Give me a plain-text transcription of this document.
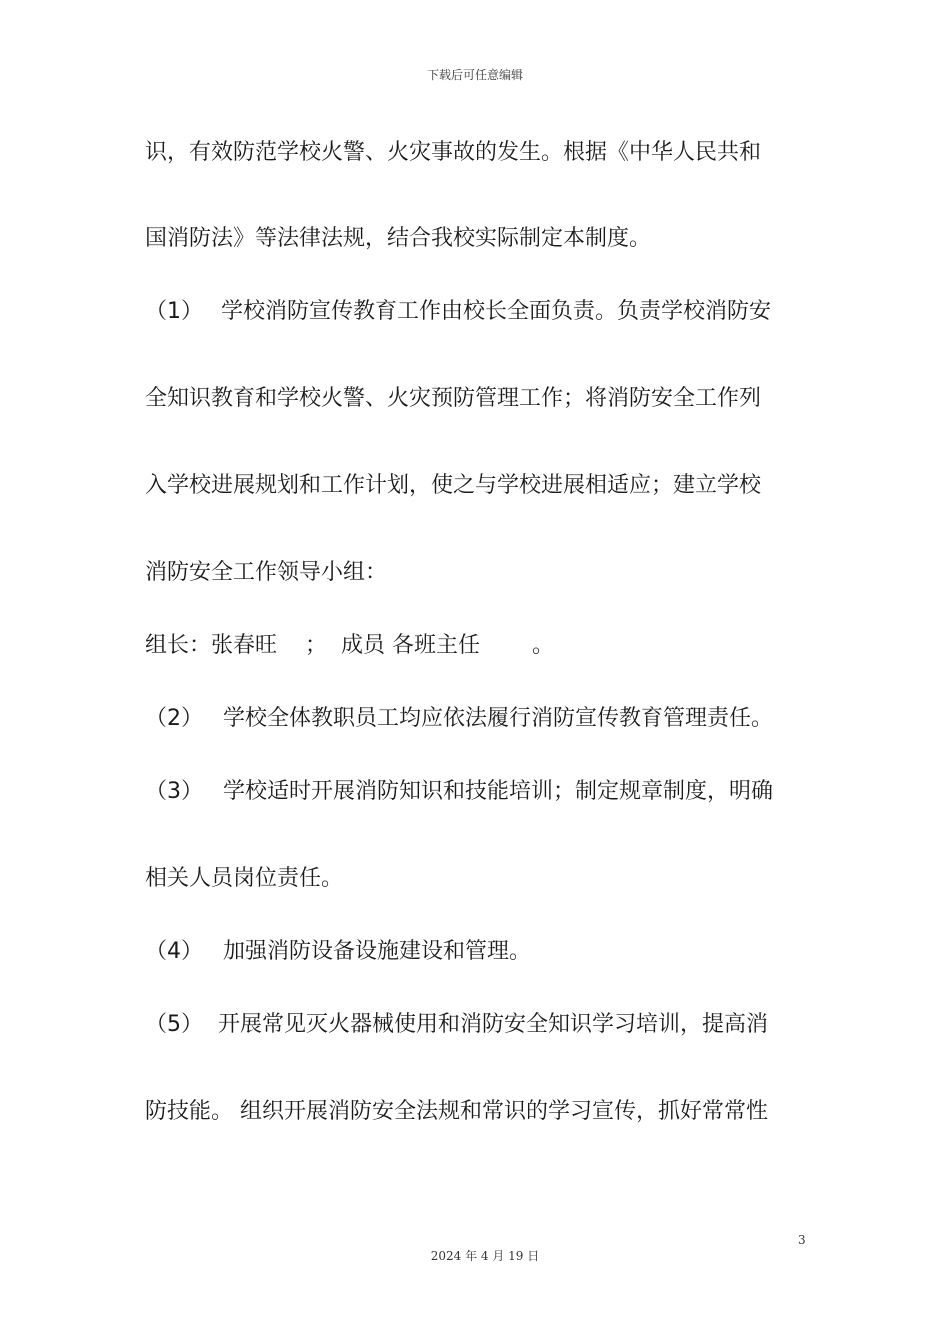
下载后可任意编辑
识，有效防范学校火警、火灾事故的发生。根据《中华人民共和
国消防法》等法律法规，结合我校实际制定本制度。
（1） 学校消防宣传教育工作由校长全面负责。负责学校消防安
全知识教育和学校火警、火灾预防管理工作；将消防安全工作列
入学校进展规划和工作计划，使之与学校进展相适应；建立学校
消防安全工作领导小组：
组长：张春旺 ； 成员 各班主任 。
（2） 学校全体教职员工均应依法履行消防宣传教育管理责任。
（3） 学校适时开展消防知识和技能培训；制定规章制度，明确
相关人员岗位责任。
（4） 加强消防设备设施建设和管理。
（5） 开展常见灭火器械使用和消防安全知识学习培训，提高消
防技能。 组织开展消防安全法规和常识的学习宣传，抓好常常性
3
2024 年 4 月 19 日
